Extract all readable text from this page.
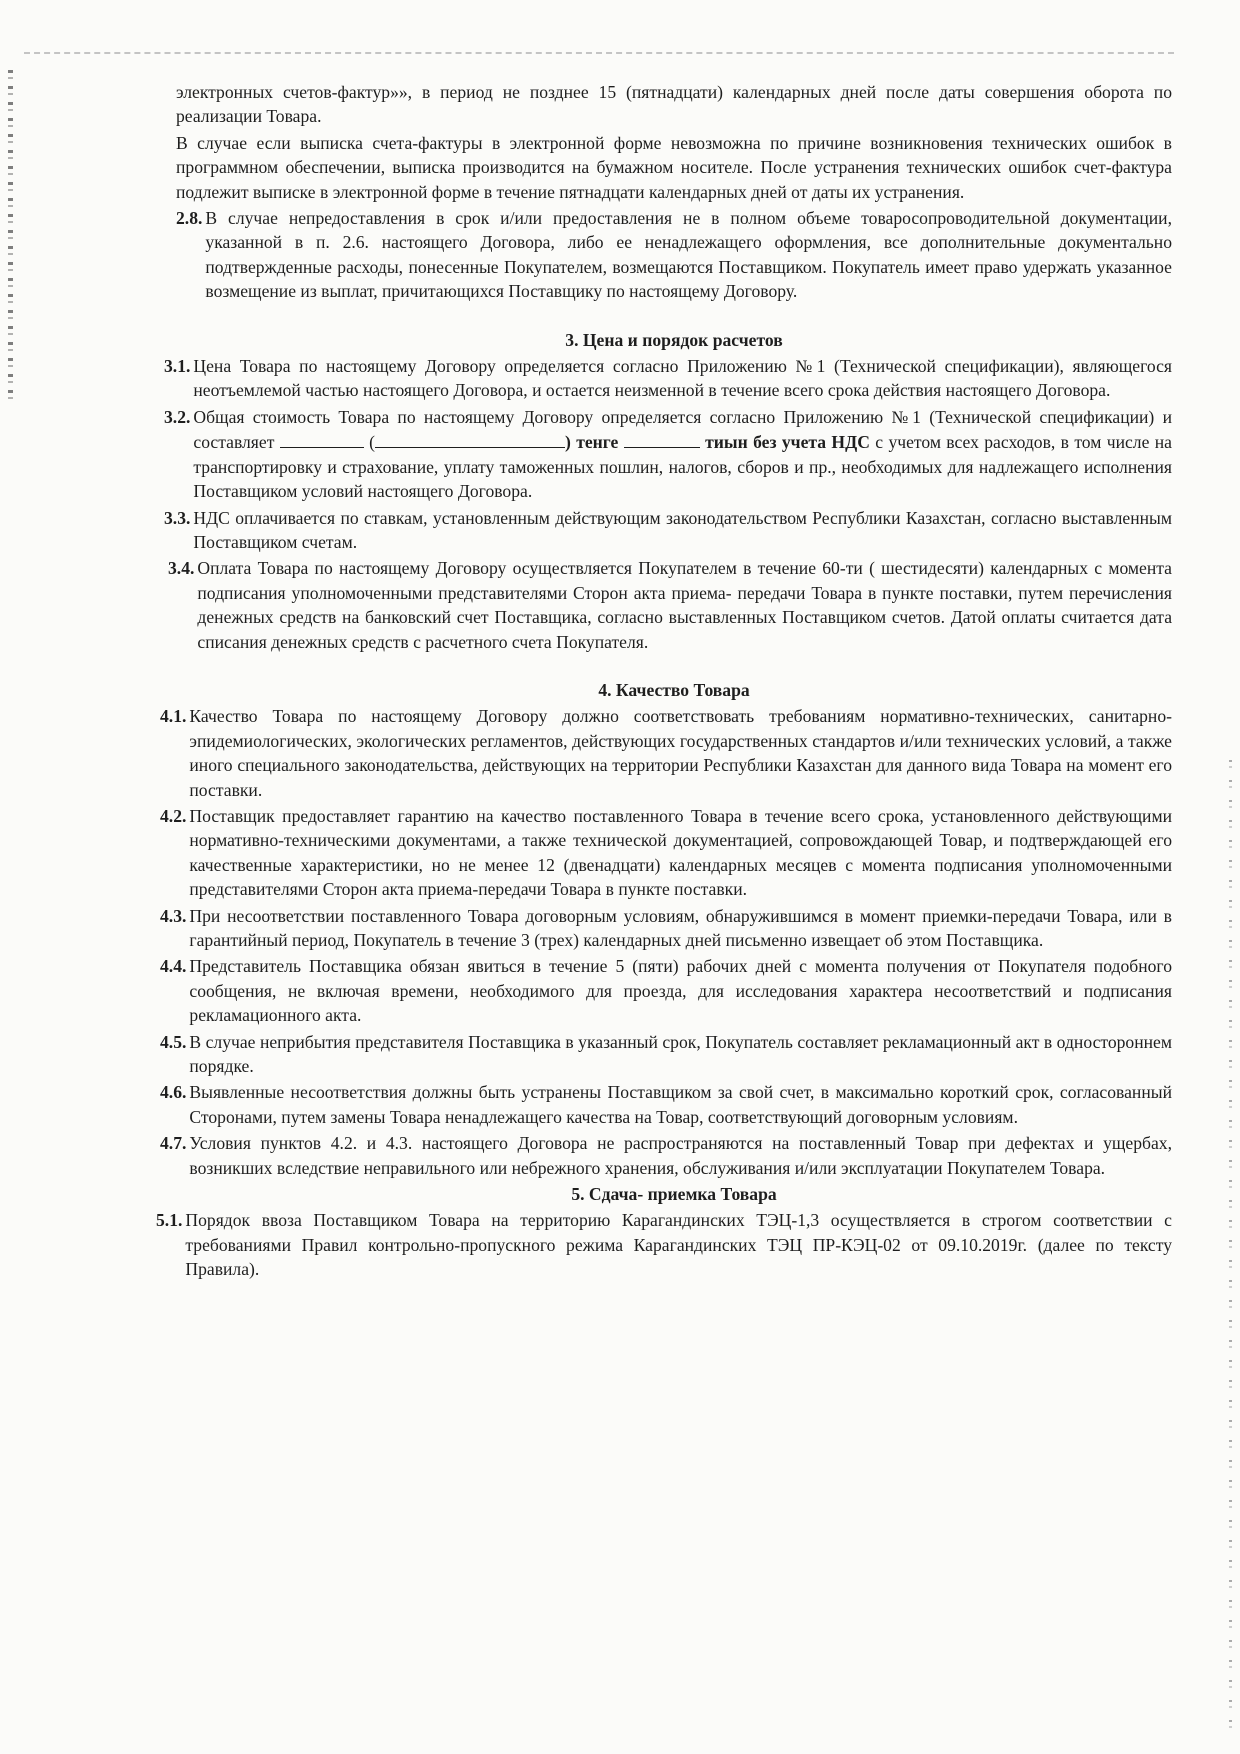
электронных счетов-фактур»», в период не позднее 15 (пятнадцати) календарных дней после даты совершения оборота по реализации Товара.

В случае если выписка счета-фактуры в электронной форме невозможна по причине возникновения технических ошибок в программном обеспечении, выписка производится на бумажном носителе. После устранения технических ошибок счет-фактура подлежит выписке в электронной форме в течение пятнадцати календарных дней от даты их устранения.

2.8. В случае непредоставления в срок и/или предоставления не в полном объеме товаросопроводительной документации, указанной в п. 2.6. настоящего Договора, либо ее ненадлежащего оформления, все дополнительные документально подтвержденные расходы, понесенные Покупателем, возмещаются Поставщиком. Покупатель имеет право удержать указанное возмещение из выплат, причитающихся Поставщику по настоящему Договору.
3. Цена и порядок расчетов
3.1. Цена Товара по настоящему Договору определяется согласно Приложению №1 (Технической спецификации), являющегося неотъемлемой частью настоящего Договора, и остается неизменной в течение всего срока действия настоящего Договора.
3.2. Общая стоимость Товара по настоящему Договору определяется согласно Приложению №1 (Технической спецификации) и составляет	(	) тенге	тиын без учета НДС с учетом всех расходов, в том числе на транспортировку и страхование, уплату таможенных пошлин, налогов, сборов и пр., необходимых для надлежащего исполнения Поставщиком условий настоящего Договора.
3.3. НДС оплачивается по ставкам, установленным действующим законодательством Республики Казахстан, согласно выставленным Поставщиком счетам.
3.4. Оплата Товара по настоящему Договору осуществляется Покупателем в течение 60-ти ( шестидесяти) календарных с момента подписания уполномоченными представителями Сторон акта приема- передачи Товара в пункте поставки, путем перечисления денежных средств на банковский счет Поставщика, согласно выставленных Поставщиком счетов. Датой оплаты считается дата списания денежных средств с расчетного счета Покупателя.
4. Качество Товара
4.1. Качество Товара по настоящему Договору должно соответствовать требованиям нормативно-технических, санитарно-эпидемиологических, экологических регламентов, действующих государственных стандартов и/или технических условий, а также иного специального законодательства, действующих на территории Республики Казахстан для данного вида Товара на момент его поставки.
4.2. Поставщик предоставляет гарантию на качество поставленного Товара в течение всего срока, установленного действующими нормативно-техническими документами, а также технической документацией, сопровождающей Товар, и подтверждающей его качественные характеристики, но не менее 12 (двенадцати) календарных месяцев с момента подписания уполномоченными представителями Сторон акта приема-передачи Товара в пункте поставки.
4.3. При несоответствии поставленного Товара договорным условиям, обнаружившимся в момент приемки-передачи Товара, или в гарантийный период, Покупатель в течение 3 (трех) календарных дней письменно извещает об этом Поставщика.
4.4. Представитель Поставщика обязан явиться в течение 5 (пяти) рабочих дней с момента получения от Покупателя подобного сообщения, не включая времени, необходимого для проезда, для исследования характера несоответствий и подписания рекламационного акта.
4.5. В случае неприбытия представителя Поставщика в указанный срок, Покупатель составляет рекламационный акт в одностороннем порядке.
4.6. Выявленные несоответствия должны быть устранены Поставщиком за свой счет, в максимально короткий срок, согласованный Сторонами, путем замены Товара ненадлежащего качества на Товар, соответствующий договорным условиям.
4.7. Условия пунктов 4.2. и 4.3. настоящего Договора не распространяются на поставленный Товар при дефектах и ущербах, возникших вследствие неправильного или небрежного хранения, обслуживания и/или эксплуатации Покупателем Товара.
5. Сдача- приемка Товара
5.1. Порядок ввоза Поставщиком Товара на территорию Карагандинских ТЭЦ-1,3 осуществляется в строгом соответствии с требованиями Правил контрольно-пропускного режима Карагандинских ТЭЦ ПР-КЭЦ-02 от 09.10.2019г. (далее по тексту Правила).
